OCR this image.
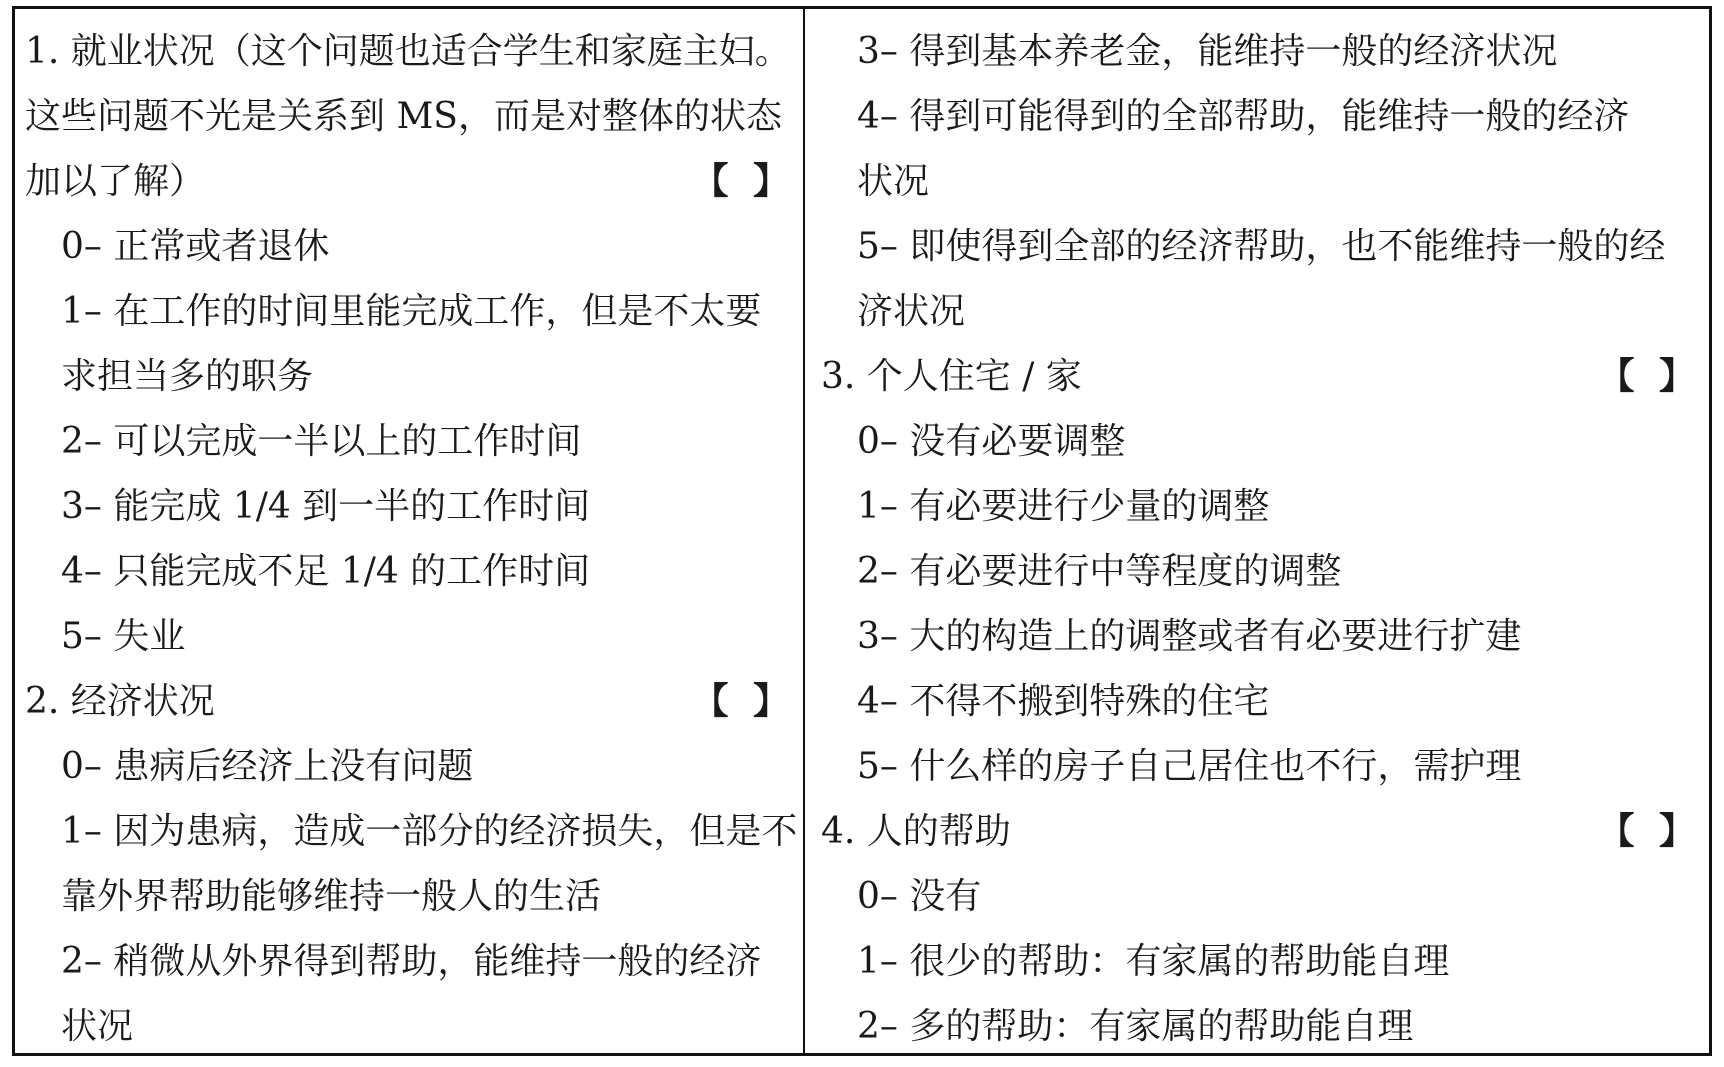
1. 就业状况（这个问题也适合学生和家庭主妇。
这些问题不光是关系到 MS，而是对整体的状态
加以了解）	【 】
0– 正常或者退休
1– 在工作的时间里能完成工作，但是不太要
求担当多的职务
2– 可以完成一半以上的工作时间
3– 能完成 1/4 到一半的工作时间
4– 只能完成不足 1/4 的工作时间
5– 失业
2. 经济状况	【 】
0– 患病后经济上没有问题
1– 因为患病，造成一部分的经济损失，但是不
靠外界帮助能够维持一般人的生活
2– 稍微从外界得到帮助，能维持一般的经济
状况
3– 得到基本养老金，能维持一般的经济状况
4– 得到可能得到的全部帮助，能维持一般的经济
状况
5– 即使得到全部的经济帮助，也不能维持一般的经
济状况
3. 个人住宅 / 家	【 】
0– 没有必要调整
1– 有必要进行少量的调整
2– 有必要进行中等程度的调整
3– 大的构造上的调整或者有必要进行扩建
4– 不得不搬到特殊的住宅
5– 什么样的房子自己居住也不行，需护理
4. 人的帮助	【 】
0– 没有
1– 很少的帮助：有家属的帮助能自理
2– 多的帮助：有家属的帮助能自理
